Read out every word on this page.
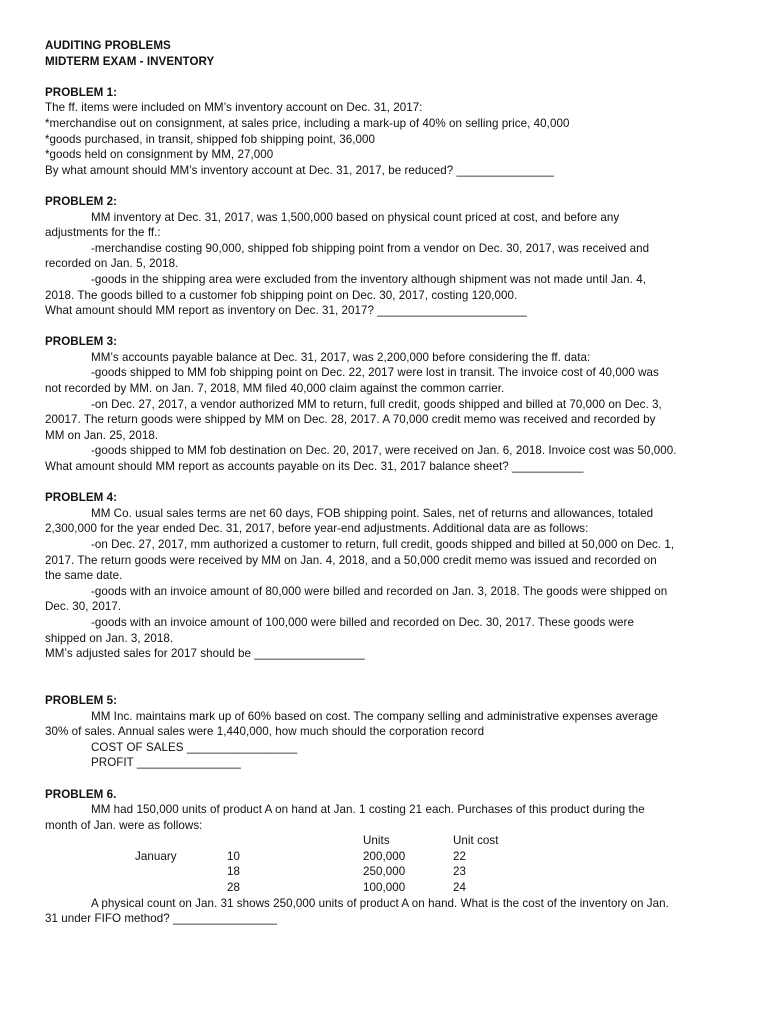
AUDITING PROBLEMS
MIDTERM EXAM - INVENTORY
PROBLEM 1:
The ff. items were included on MM’s inventory account on Dec. 31, 2017:
*merchandise out on consignment, at sales price, including a mark-up of 40% on selling price, 40,000
*goods purchased, in transit, shipped fob shipping point, 36,000
*goods held on consignment by MM, 27,000
By what amount should MM’s inventory account at Dec. 31, 2017, be reduced? _______________
PROBLEM 2:
MM inventory at Dec. 31, 2017, was 1,500,000 based on physical count priced at cost, and before any
adjustments for the ff.:
-merchandise costing 90,000, shipped fob shipping point from a vendor on Dec. 30, 2017, was received and
recorded on Jan. 5, 2018.
-goods in the shipping area were excluded from the inventory although shipment was not made until Jan. 4,
2018. The goods billed to a customer fob shipping point on Dec. 30, 2017, costing 120,000.
What amount should MM report as inventory on Dec. 31, 2017? _______________________
PROBLEM 3:
MM’s accounts payable balance at Dec. 31, 2017, was 2,200,000 before considering the ff. data:
-goods shipped to MM fob shipping point on Dec. 22, 2017 were lost in transit. The invoice cost of 40,000 was
not recorded by MM. on Jan. 7, 2018, MM filed 40,000 claim against the common carrier.
-on Dec. 27, 2017, a vendor authorized MM to return, full credit, goods shipped and billed at 70,000 on Dec. 3,
20017. The return goods were shipped by MM on Dec. 28, 2017. A 70,000 credit memo was received and recorded by
MM on Jan. 25, 2018.
-goods shipped to MM fob destination on Dec. 20, 2017, were received on Jan. 6, 2018. Invoice cost was 50,000.
What amount should MM report as accounts payable on its Dec. 31, 2017 balance sheet? ___________
PROBLEM 4:
MM Co. usual sales terms are net 60 days, FOB shipping point. Sales, net of returns and allowances, totaled
2,300,000 for the year ended Dec. 31, 2017, before year-end adjustments. Additional data are as follows:
-on Dec. 27, 2017, mm authorized a customer to return, full credit, goods shipped and billed at 50,000 on Dec. 1,
2017. The return goods were received by MM on Jan. 4, 2018, and a 50,000 credit memo was issued and recorded on
the same date.
-goods with an invoice amount of 80,000 were billed and recorded on Jan. 3, 2018. The goods were shipped on
Dec. 30, 2017.
-goods with an invoice amount of 100,000 were billed and recorded on Dec. 30, 2017. These goods were
shipped on Jan. 3, 2018.
MM’s adjusted sales for 2017 should be _________________
PROBLEM 5:
MM Inc. maintains mark up of 60% based on cost. The company selling and administrative expenses average
30% of sales. Annual sales were 1,440,000, how much should the corporation record
COST OF SALES _________________
PROFIT ________________
PROBLEM 6.
MM had 150,000 units of product A on hand at Jan. 1 costing 21 each. Purchases of this product during the
month of Jan. were as follows:
		Units	Unit cost
January	10	200,000	22
	18	250,000	23
	28	100,000	24
A physical count on Jan. 31 shows 250,000 units of product A on hand. What is the cost of the inventory on Jan.
31 under FIFO method? ________________
